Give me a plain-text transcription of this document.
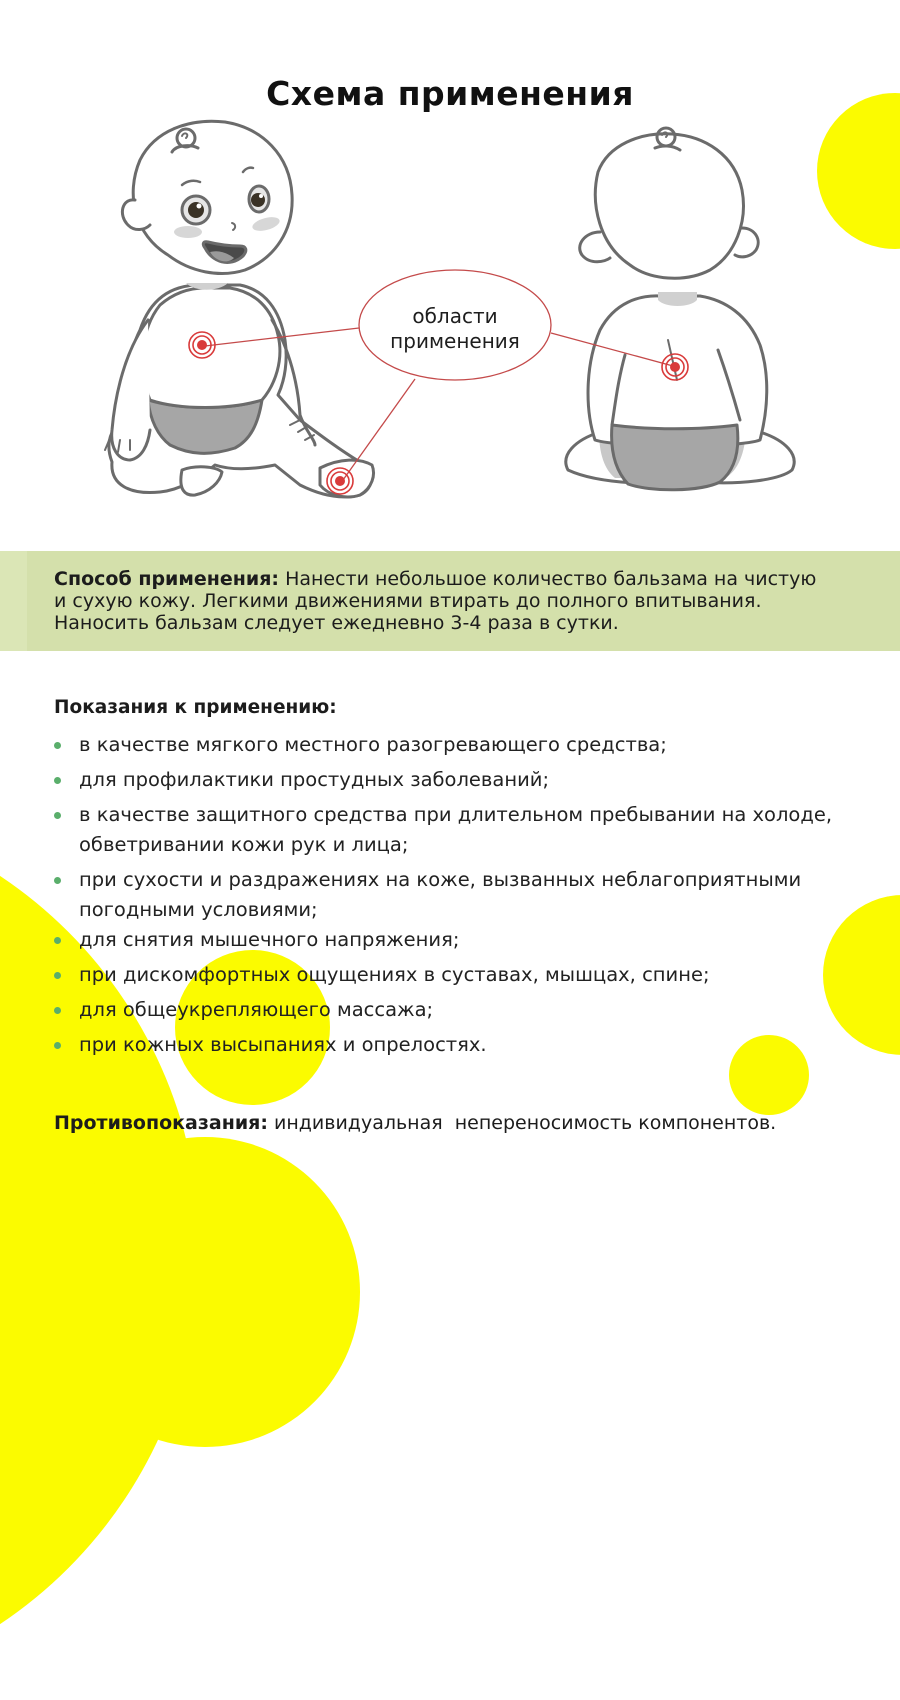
Схема применения
области
применения
Способ применения: Нанести небольшое количество бальзама на чистую
и сухую кожу. Легкими движениями втирать до полного впитывания.
Наносить бальзам следует ежедневно 3-4 раза в сутки.
Показания к применению:
в качестве мягкого местного разогревающего средства;
для профилактики простудных заболеваний;
в качестве защитного средства при длительном пребывании на холоде,
обветривании кожи рук и лица;
при сухости и раздражениях на коже, вызванных неблагоприятными
погодными условиями;
для снятия мышечного напряжения;
при дискомфортных ощущениях в суставах, мышцах, спине;
для общеукрепляющего массажа;
при кожных высыпаниях и опрелостях.
Противопоказания: индивидуальная  непереносимость компонентов.
